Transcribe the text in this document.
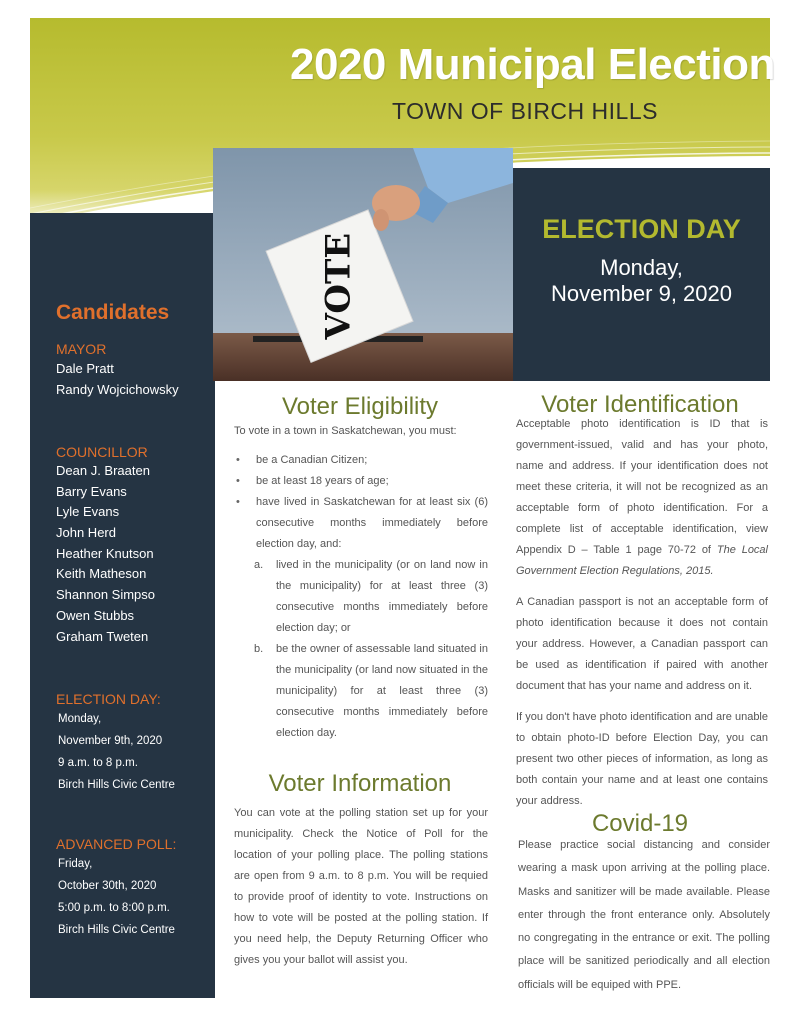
2020 Municipal Election
TOWN OF BIRCH HILLS
Candidates
MAYOR
Dale Pratt
Randy Wojcichowsky
COUNCILLOR
Dean J. Braaten
Barry Evans
Lyle Evans
John Herd
Heather Knutson
Keith Matheson
Shannon Simpso
Owen Stubbs
Graham Tweten
ELECTION DAY:
Monday,
November 9th, 2020
9 a.m. to 8 p.m.
Birch Hills Civic Centre
ADVANCED POLL:
Friday,
October 30th, 2020
5:00 p.m. to 8:00 p.m.
Birch Hills Civic Centre
VOTE
ELECTION DAY
Monday,
November 9, 2020
Voter Eligibility
To vote in a town in Saskatchewan, you must:
• be a Canadian Citizen;
• be at least 18 years of age;
• have lived in Saskatchewan for at least six (6) consecutive months immediately before election day, and:
a. lived in the municipality (or on land now in the municipality) for at least three (3) consecutive months immediately before election day; or
b. be the owner of assessable land situated in the municipality (or land now situated in the municipality) for at least three (3) consecutive months immediately before election day.
Voter Information
You can vote at the polling station set up for your municipality. Check the Notice of Poll for the location of your polling place. The polling stations are open from 9 a.m. to 8 p.m. You will be requied to provide proof of identity to vote. Instructions on how to vote will be posted at the polling station. If you need help, the Deputy Returning Officer who gives you your ballot will assist you.
Voter Identification
Acceptable photo identification is ID that is government-issued, valid and has your photo, name and address. If your identification does not meet these criteria, it will not be recognized as an acceptable form of photo identification. For a complete list of acceptable identification, view Appendix D – Table 1 page 70-72 of The Local Government Election Regulations, 2015.
A Canadian passport is not an acceptable form of photo identification because it does not contain your address. However, a Canadian passport can be used as identification if paired with another document that has your name and address on it.
If you don't have photo identification and are unable to obtain photo-ID before Election Day, you can present two other pieces of information, as long as both contain your name and at least one contains your address.
Covid-19
Please practice social distancing and consider wearing a mask upon arriving at the polling place. Masks and sanitizer will be made available. Please enter through the front enterance only. Absolutely no congregating in the entrance or exit. The polling place will be sanitized periodically and all election officials will be equiped with PPE.
